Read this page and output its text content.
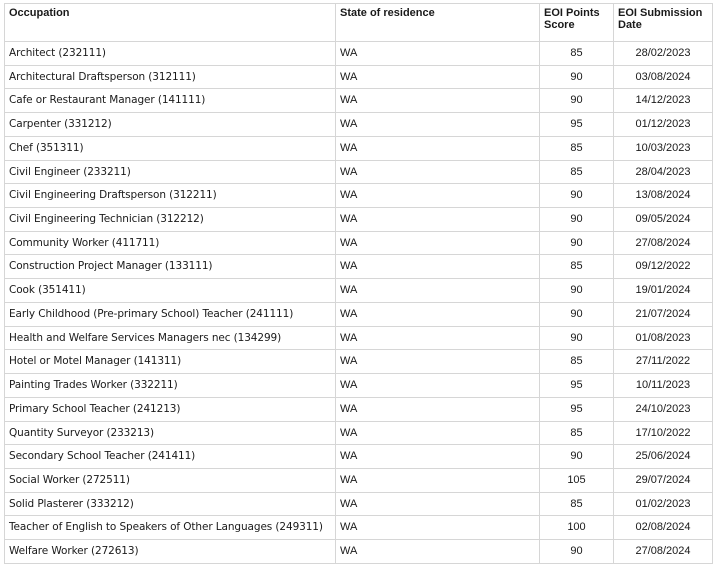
Occupation	State of residence	EOI Points Score	EOI Submission Date
Architect (232111)	WA	85	28/02/2023
Architectural Draftsperson (312111)	WA	90	03/08/2024
Cafe or Restaurant Manager (141111)	WA	90	14/12/2023
Carpenter (331212)	WA	95	01/12/2023
Chef (351311)	WA	85	10/03/2023
Civil Engineer (233211)	WA	85	28/04/2023
Civil Engineering Draftsperson (312211)	WA	90	13/08/2024
Civil Engineering Technician (312212)	WA	90	09/05/2024
Community Worker (411711)	WA	90	27/08/2024
Construction Project Manager (133111)	WA	85	09/12/2022
Cook (351411)	WA	90	19/01/2024
Early Childhood (Pre-primary School) Teacher (241111)	WA	90	21/07/2024
Health and Welfare Services Managers nec (134299)	WA	90	01/08/2023
Hotel or Motel Manager (141311)	WA	85	27/11/2022
Painting Trades Worker (332211)	WA	95	10/11/2023
Primary School Teacher (241213)	WA	95	24/10/2023
Quantity Surveyor (233213)	WA	85	17/10/2022
Secondary School Teacher (241411)	WA	90	25/06/2024
Social Worker (272511)	WA	105	29/07/2024
Solid Plasterer (333212)	WA	85	01/02/2023
Teacher of English to Speakers of Other Languages (249311)	WA	100	02/08/2024
Welfare Worker (272613)	WA	90	27/08/2024
